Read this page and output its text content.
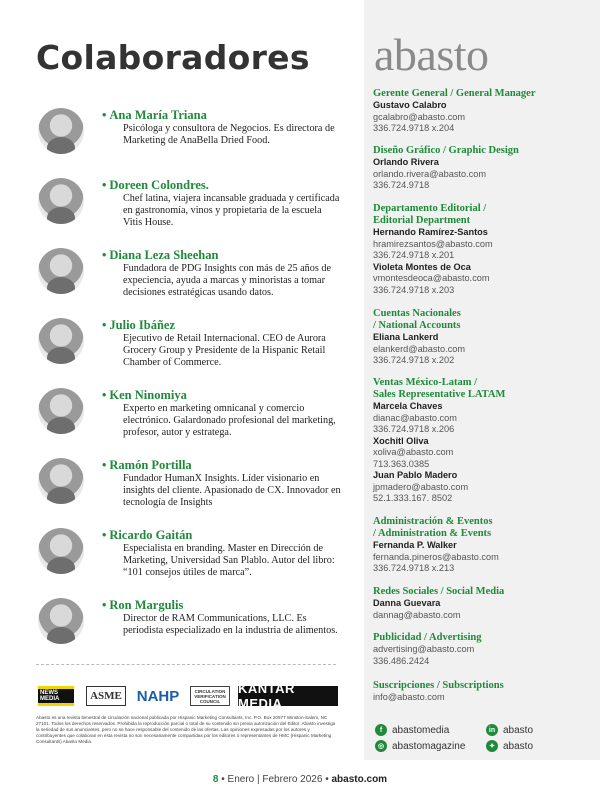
Colaboradores
• Ana María Triana
Psicóloga y consultora de Negocios. Es directora de Marketing de AnaBella Dried Food.
• Doreen Colondres.
Chef latina, viajera incansable graduada y certificada en gastronomía, vinos y propietaria de la escuela Vitis House.
• Diana Leza Sheehan
Fundadora de PDG Insights con más de 25 años de expeciencia, ayuda a marcas y minoristas a tomar decisiones estratégicas usando datos.
• Julio Ibáñez
Ejecutivo de Retail Internacional. CEO de Aurora Grocery Group y Presidente de la Hispanic Retail Chamber of Commerce.
• Ken Ninomiya
Experto en marketing omnicanal y comercio electrónico. Galardonado profesional del marketing, profesor, autor y estratega.
• Ramón Portilla
Fundador HumanX Insights. Líder visionario en insights del cliente. Apasionado de CX. Innovador en tecnología de Insights
• Ricardo Gaitán
Especialista en branding. Master en Dirección de Marketing, Universidad San Plablo. Autor del libro: “101 consejos útiles de marca”.
• Ron Margulis
Director de RAM Communications, LLC. Es periodista especializado en la industria de alimentos.
NEWS MEDIA	ASME NAHP	CIRCULATION VERIFICATION COUNCIL
KANTAR MEDIA
Abasto es una revista bimestral de circulación nacional publicada por Hispanic Marketing Consultants, Inc. P.O. Box 20577 Winston-Salem, NC 27101. Todos los derechos reservados. Prohibida la reproducción parcial o total de su contenido sin previa autorización del Editor. Abasto investiga la seriedad de sus anunciantes, pero no se hace responsable del contenido de las ofertas. Las opiniones expresadas por los autores y contribuyentes que colaboran en esta revista no son necesariamente compartidas por los editores o representantes de HMC (Hispanic Marketing Consultants) Abasto Media.
abasto
Gerente General / General Manager
Gustavo Calabro
gcalabro@abasto.com
336.724.9718 x.204
Diseño Gráfico / Graphic Design
Orlando Rivera
orlando.rivera@abasto.com
336.724.9718
Departamento Editorial /
Editorial Department
Hernando Ramírez-Santos
hramirezsantos@abasto.com
336.724.9718 x.201
Violeta Montes de Oca
vmontesdeoca@abasto.com
336.724.9718 x.203
Cuentas Nacionales
/ National Accounts
Eliana Lankerd
elankerd@abasto.com
336.724.9718 x.202
Ventas México-Latam /
Sales Representative LATAM
Marcela Chaves
dianac@abasto.com
336.724.9718 x.206
Xochitl Oliva
xoliva@abasto.com
713.363.0385
Juan Pablo Madero
jpmadero@abasto.com
52.1.333.167. 8502
Administración & Eventos
/ Administration & Events
Fernanda P. Walker
fernanda.pineros@abasto.com
336.724.9718 x.213
Redes Sociales / Social Media
Danna Guevara
dannag@abasto.com
Publicidad / Advertising
advertising@abasto.com
336.486.2424
Suscripciones / Subscriptions
info@abasto.com
f abastomedia	in abasto
◎ abastomagazine	✦ abasto
8 • Enero | Febrero 2026 • abasto.com
